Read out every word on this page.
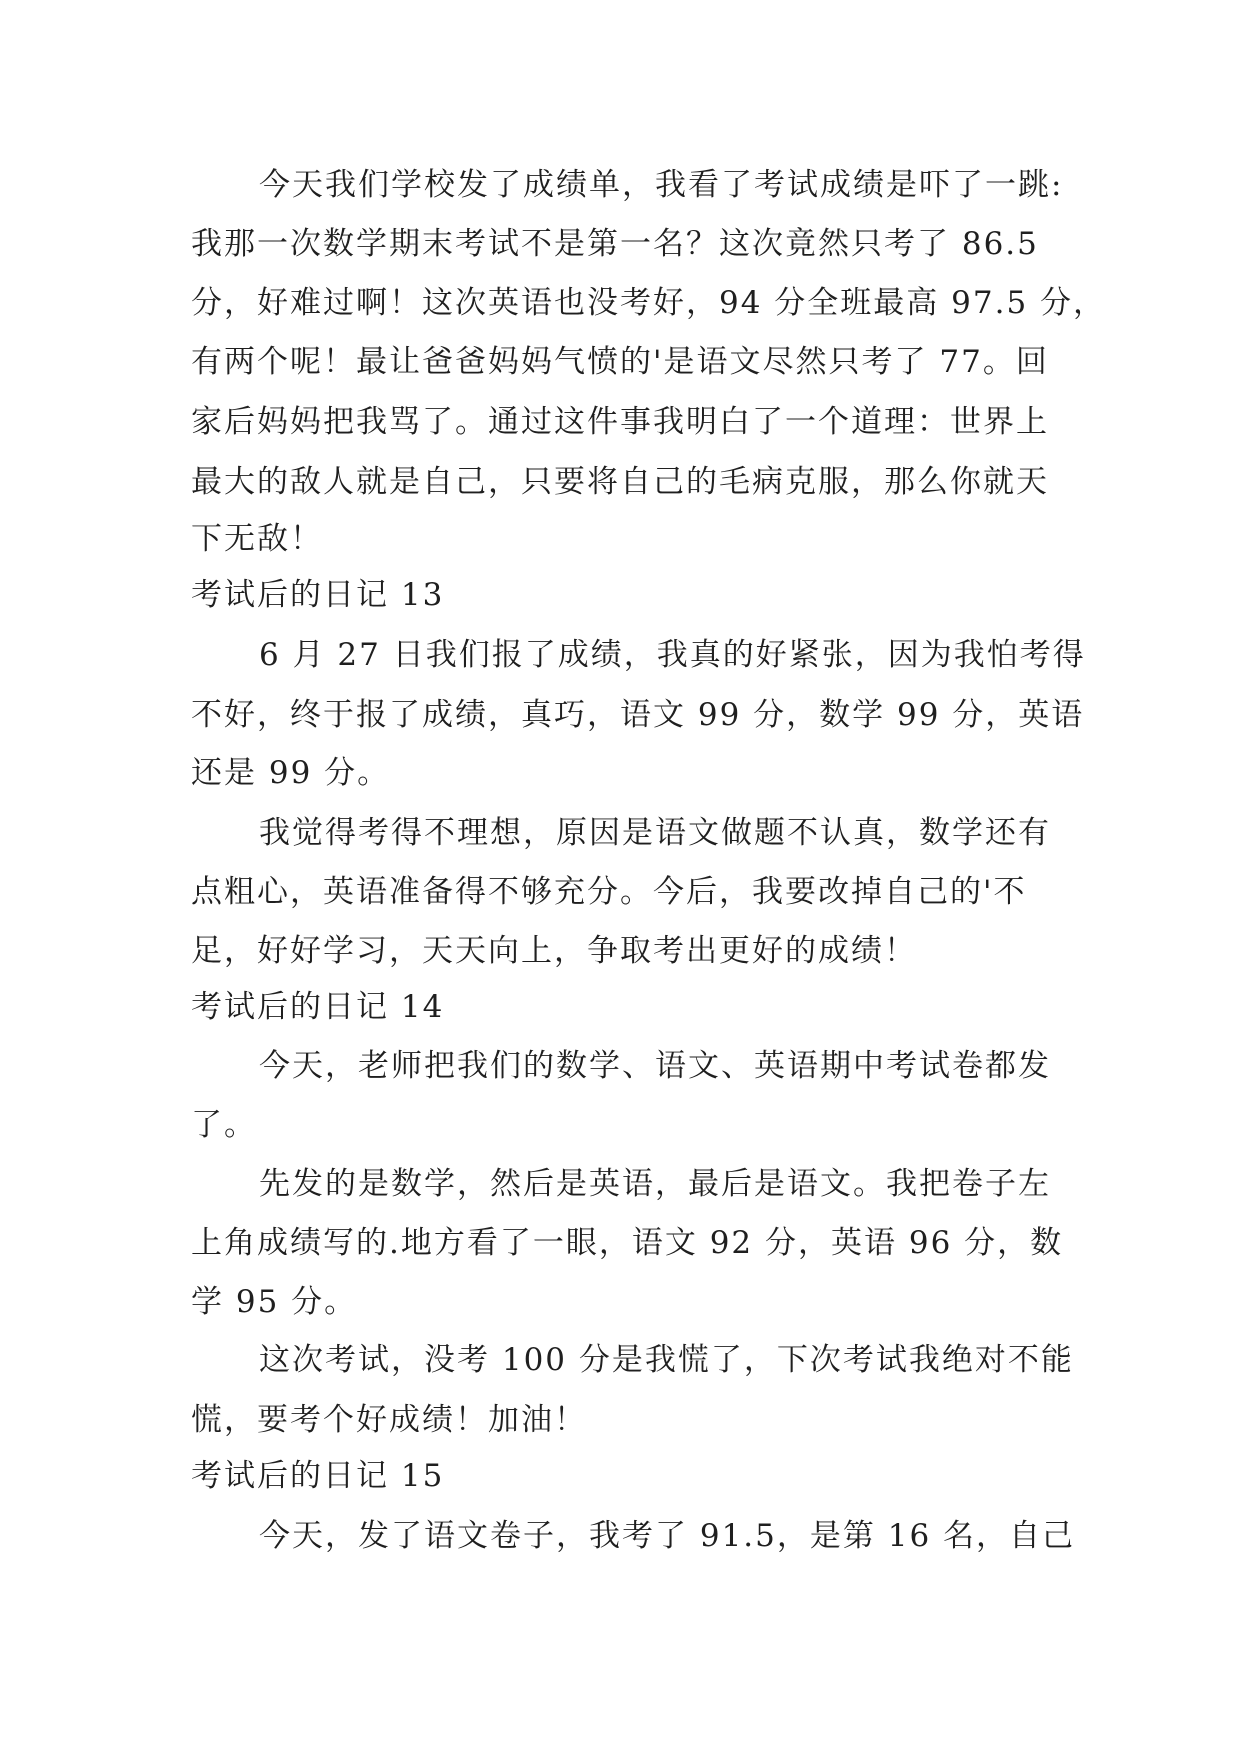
今天我们学校发了成绩单，我看了考试成绩是吓了一跳:
我那一次数学期末考试不是第一名？这次竟然只考了 86.5
分，好难过啊！这次英语也没考好，94 分全班最高 97.5 分，
有两个呢！最让爸爸妈妈气愤的'是语文尽然只考了 77。回
家后妈妈把我骂了。通过这件事我明白了一个道理：世界上
最大的敌人就是自己，只要将自己的毛病克服，那么你就天
下无敌！
考试后的日记 13
6 月 27 日我们报了成绩，我真的好紧张，因为我怕考得
不好，终于报了成绩，真巧，语文 99 分，数学 99 分，英语
还是 99 分。
我觉得考得不理想，原因是语文做题不认真，数学还有
点粗心，英语准备得不够充分。今后，我要改掉自己的'不
足，好好学习，天天向上，争取考出更好的成绩！
考试后的日记 14
今天，老师把我们的数学、语文、英语期中考试卷都发
了。
先发的是数学，然后是英语，最后是语文。我把卷子左
上角成绩写的.地方看了一眼，语文 92 分，英语 96 分，数
学 95 分。
这次考试，没考 100 分是我慌了，下次考试我绝对不能
慌，要考个好成绩！加油！
考试后的日记 15
今天，发了语文卷子，我考了 91.5，是第 16 名，自己
